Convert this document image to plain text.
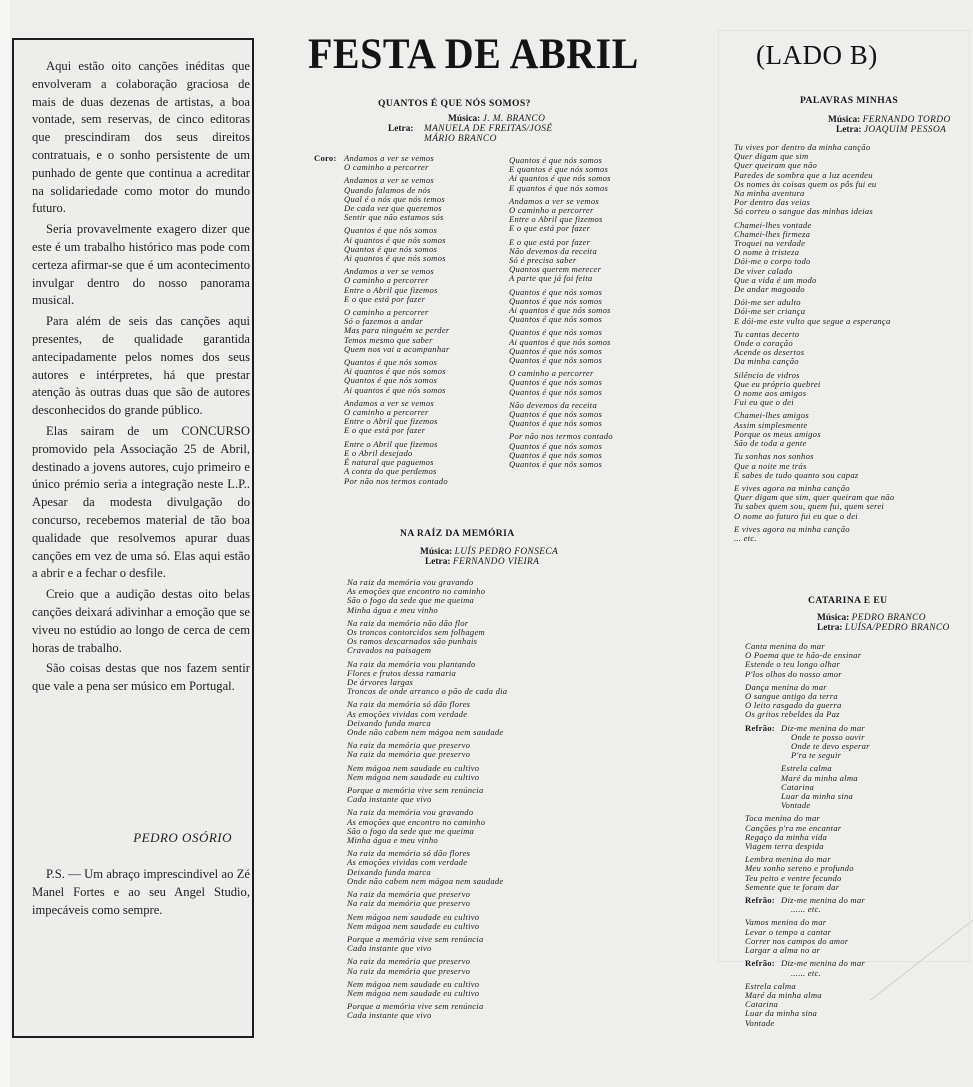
Aqui estão oito canções inéditas que envolveram a colaboração graciosa de mais de duas dezenas de artistas, a boa vontade, sem reservas, de cinco editoras que prescindiram dos seus direitos contratuais, e o sonho persistente de um punhado de gente que continua a acreditar na solidariedade como motor do mundo futuro.

Seria provavelmente exagero dizer que este é um trabalho histórico mas pode com certeza afirmar-se que é um acontecimento invulgar dentro do nosso panorama musical.

Para além de seis das canções aqui presentes, de qualidade garantida antecipadamente pelos nomes dos seus autores e intérpretes, há que prestar atenção às outras duas que são de autores desconhecidos do grande público.

Elas sairam de um CONCURSO promovido pela Associação 25 de Abril, destinado a jovens autores, cujo primeiro e único prémio seria a integração neste L.P.. Apesar da modesta divulgação do concurso, recebemos material de tão boa qualidade que resolvemos apurar duas canções em vez de uma só. Elas aqui estão a abrir e a fechar o desfile.

Creio que a audição destas oito belas canções deixará adivinhar a emoção que se viveu no estúdio ao longo de cerca de cem horas de trabalho.

São coisas destas que nos fazem sentir que vale a pena ser músico em Portugal.

PEDRO OSÓRIO

P.S. — Um abraço imprescindivel ao Zé Manel Fortes e ao seu Angel Studio, impecáveis como sempre.

FESTA DE ABRIL	(LADO B)
QUANTOS É QUE NÓS SOMOS?
Música: J. M. BRANCO
Letra: MANUELA DE FREITAS/JOSÉ
MÁRIO BRANCO
Coro: Andamos a ver se vemos
O caminho a percorrer
Andamos a ver se vemos
Quando falamos de nós
Qual é o nós que nós temos
De cada vez que queremos
Sentir que não estamos sós
Quantos é que nós somos
Ai quantos é que nós somos
Quantos é que nós somos
Ai quantos é que nós somos
Andamos a ver se vemos
O caminho a percorrer
Entre o Abril que fizemos
E o que está por fazer
O caminho a percorrer
Só o fazemos a andar
Mas para ninguém se perder
Temos mesmo que saber
Quem nos vai a acompanhar
Quantos é que nós somos
Ai quantos é que nós somos
Quantos é que nós somos
Ai quantos é que nós somos
Andamos a ver se vemos
O caminho a percorrer
Entre o Abril que fizemos
E o que está por fazer
Entre o Abril que fizemos
E o Abril desejado
É natural que paguemos
A conta do que perdemos
Por não nos termos contado
Quantos é que nós somos
E quantos é que nós somos
Ai quantos é que nós somos
E quantos é que nós somos
Andamos a ver se vemos
O caminho a percorrer
Entre o Abril que fizemos
E o que está por fazer
E o que está por fazer
Não devemos da receita
Só é preciso saber
Quantos querem merecer
A parte que já foi feita
Quantos é que nós somos
Quantos é que nós somos
Ai quantos é que nós somos
Quantos é que nós somos
Quantos é que nós somos
Ai quantos é que nós somos
Quantos é que nós somos
Quantos é que nós somos
O caminho a percorrer
Quantos é que nós somos
Quantos é que nós somos
Não devemos da receita
Quantos é que nós somos
Quantos é que nós somos
Por não nos termos contado
Quantos é que nós somos
Quantos é que nós somos
Quantos é que nós somos
NA RAÍZ DA MEMÓRIA
Música: LUÍS PEDRO FONSECA
Letra: FERNANDO VIEIRA
Na raiz da memória vou gravando
As emoções que encontro no caminho
São o fogo da sede que me queima
Minha água e meu vinho
Na raiz da memória não dão flor
Os troncos contorcidos sem folhagem
Os ramos descarnados são punhais
Cravados na paisagem
Na raiz da memória vou plantando
Flores e frutos dessa ramaria
De árvores largas
Troncos de onde arranco o pão de cada dia
Na raiz da memória só dão flores
As emoções vividas com verdade
Deixando funda marca
Onde não cabem nem mágoa nem saudade
Na raiz da memória que preservo
Na raiz da memória que preservo
Nem mágoa nem saudade eu cultivo
Nem mágoa nem saudade eu cultivo
Porque a memória vive sem renúncia
Cada instante que vivo
Na raiz da memória vou gravando
As emoções que encontro no caminho
São o fogo da sede que me queima
Minha água e meu vinho
Na raiz da memória só dão flores
As emoções vividas com verdade
Deixando funda marca
Onde não cabem nem mágoa nem saudade
Na raiz da memória que preservo
Na raiz da memória que preservo
Nem mágoa nem saudade eu cultivo
Nem mágoa nem saudade eu cultivo
Porque a memória vive sem renúncia
Cada instante que vivo
Na raiz da memória que preservo
Na raiz da memória que preservo
Nem mágoa nem saudade eu cultivo
Nem mágoa nem saudade eu cultivo
Porque a memória vive sem renúncia
Cada instante que vivo
PALAVRAS MINHAS
Música: FERNANDO TORDO
Letra: JOAQUIM PESSOA
Tu vives por dentro da minha canção
Quer digam que sim
Quer queiram que não
Paredes de sombra que a luz acendeu
Os nomes às coisas quem os pôs fui eu
Na minha aventura
Por dentro das veias
Só correu o sangue das minhas ideias
Chamei-lhes vontade
Chamei-lhes firmeza
Troquei na verdade
O nome à tristeza
Dói-me o corpo todo
De viver calado
Que a vida é um modo
De andar magoado
Dói-me ser adulto
Dói-me ser criança
E dói-me este vulto que segue a esperança
Tu cantas decerto
Onde o coração
Acende os desertos
Da minha canção
Silêncio de vidros
Que eu próprio quebrei
O nome aos amigos
Fui eu que o dei
Chamei-lhes amigos
Assim simplesmente
Porque os meus amigos
São de toda a gente
Tu sonhas nos sonhos
Que a noite me trás
E sabes de tudo quanto sou capaz
E vives agora na minha canção
Quer digam que sim, quer queiram que não
Tu sabes quem sou, quem fui, quem serei
O nome ao futuro fui eu que o dei
E vives agora na minha canção
... etc.
CATARINA E EU
Música: PEDRO BRANCO
Letra: LUÍSA/PEDRO BRANCO
Canta menina do mar
O Poema que te hão-de ensinar
Estende o teu longo olhar
P'los olhos do nosso amor
Dança menina do mar
O sangue antigo da terra
O leito rasgado da guerra
Os gritos rebeldes da Paz
Refrão: Diz-me menina do mar
Onde te posso ouvir
Onde te devo esperar
P'ra te seguir
Estrela calma
Maré da minha alma
Catarina
Luar da minha sina
Vontade
Toca menina do mar
Canções p'ra me encantar
Regaço da minha vida
Viagem terra despida
Lembra menina do mar
Meu sonho sereno e profundo
Teu peito e ventre fecundo
Semente que te foram dar
Refrão: Diz-me menina do mar
...... etc.
Vamos menina do mar
Levar o tempo a cantar
Correr nos campos do amor
Largar a alma no ar
Refrão: Diz-me menina do mar
...... etc.
Estrela calma
Maré da minha alma
Catarina
Luar da minha sina
Vontade
